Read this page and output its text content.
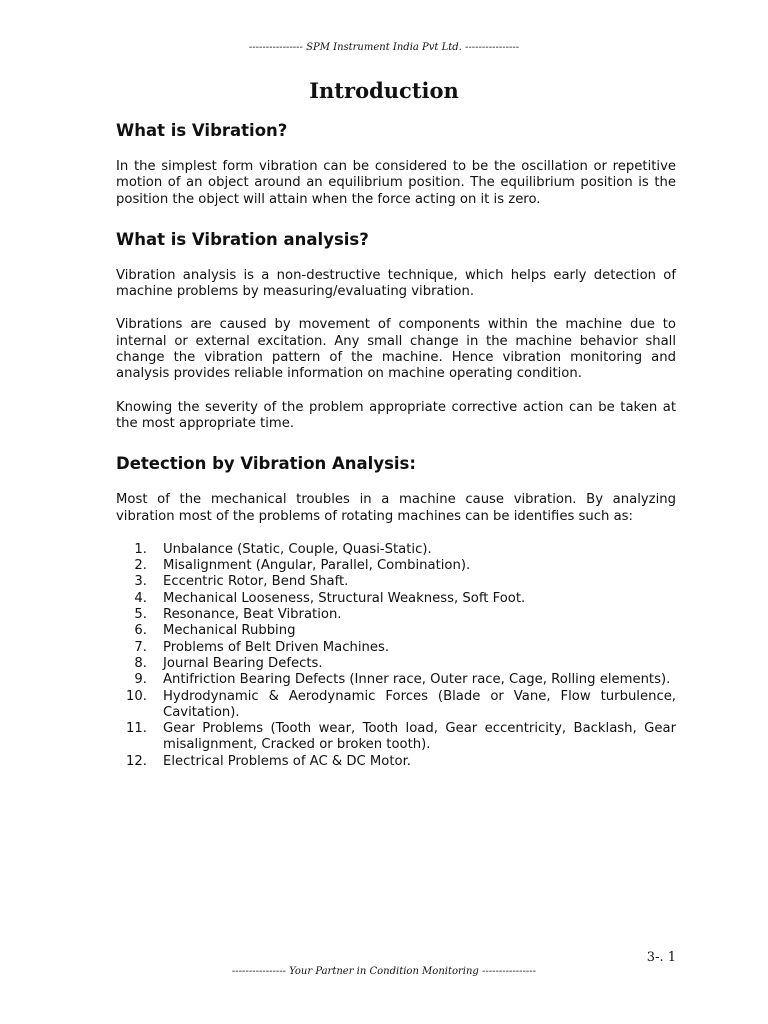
---------------- SPM Instrument India Pvt Ltd. ----------------
Introduction
What is Vibration?

In the simplest form vibration can be considered to be the oscillation or repetitive motion of an object around an equilibrium position. The equilibrium position is the position the object will attain when the force acting on it is zero.

What is Vibration analysis?

Vibration analysis is a non-destructive technique, which helps early detection of machine problems by measuring/evaluating vibration.

Vibrations are caused by movement of components within the machine due to internal or external excitation. Any small change in the machine behavior shall change the vibration pattern of the machine. Hence vibration monitoring and analysis provides reliable information on machine operating condition.

Knowing the severity of the problem appropriate corrective action can be taken at the most appropriate time.

Detection by Vibration Analysis:

Most of the mechanical troubles in a machine cause vibration. By analyzing vibration most of the problems of rotating machines can be identifies such as:

1. Unbalance (Static, Couple, Quasi-Static).
2. Misalignment (Angular, Parallel, Combination).
3. Eccentric Rotor, Bend Shaft.
4. Mechanical Looseness, Structural Weakness, Soft Foot.
5. Resonance, Beat Vibration.
6. Mechanical Rubbing
7. Problems of Belt Driven Machines.
8. Journal Bearing Defects.
9. Antifriction Bearing Defects (Inner race, Outer race, Cage, Rolling elements).
10. Hydrodynamic & Aerodynamic Forces (Blade or Vane, Flow turbulence, Cavitation).
11. Gear Problems (Tooth wear, Tooth load, Gear eccentricity, Backlash, Gear misalignment, Cracked or broken tooth).
12. Electrical Problems of AC & DC Motor.
3-. 1
---------------- Your Partner in Condition Monitoring ----------------
